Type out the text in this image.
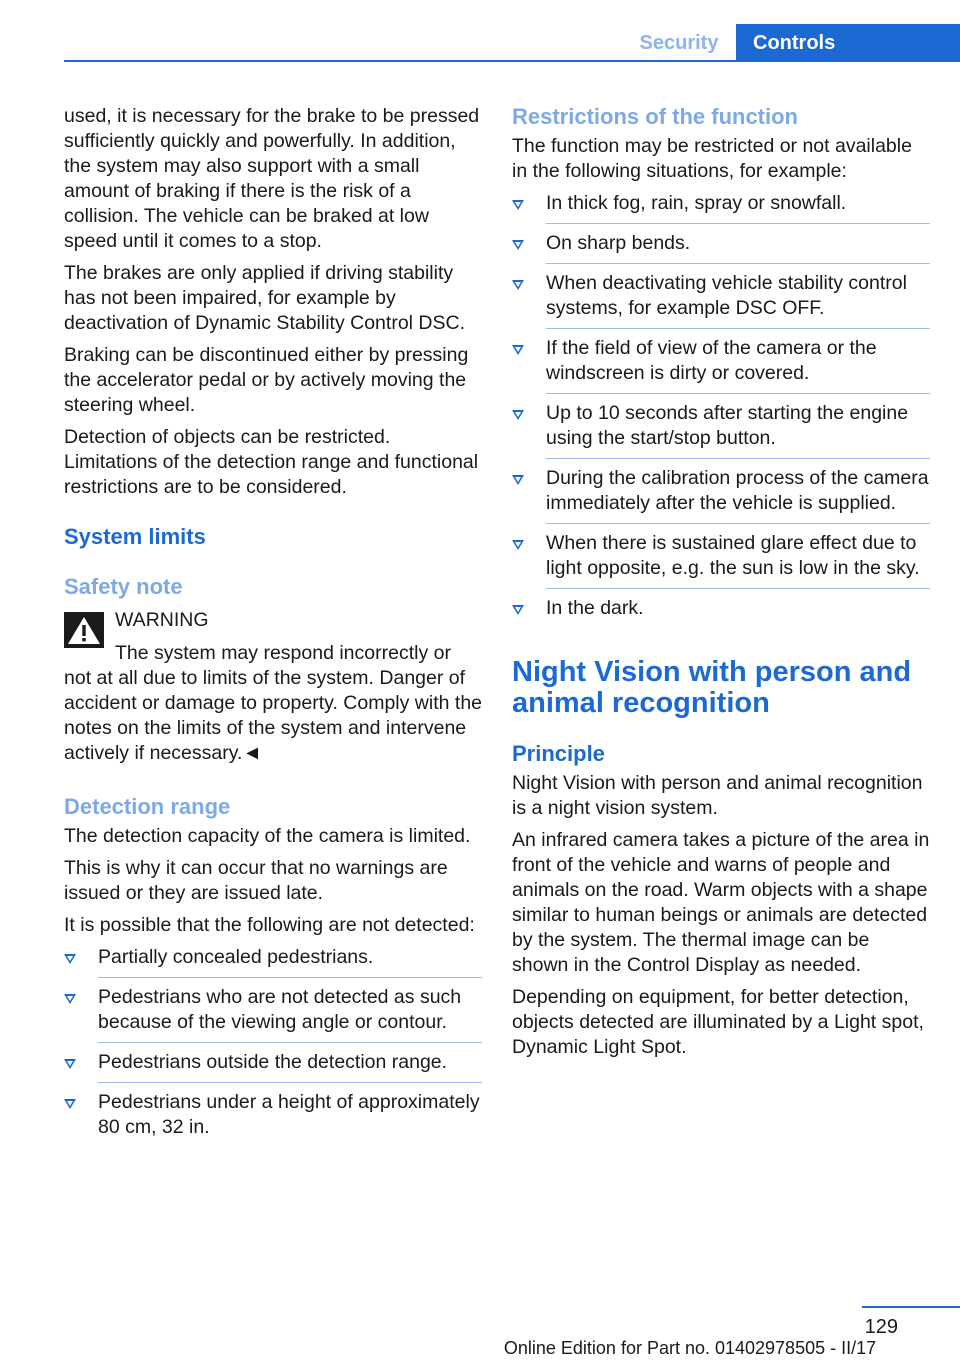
Security	Controls

used, it is necessary for the brake to be pressed sufficiently quickly and powerfully. In addition, the system may also support with a small amount of braking if there is the risk of a collision. The vehicle can be braked at low speed until it comes to a stop.

The brakes are only applied if driving stability has not been impaired, for example by deactivation of Dynamic Stability Control DSC.

Braking can be discontinued either by pressing the accelerator pedal or by actively moving the steering wheel.

Detection of objects can be restricted. Limitations of the detection range and functional restrictions are to be considered.

System limits
Safety note
WARNING

The system may respond incorrectly or not at all due to limits of the system. Danger of accident or damage to property. Comply with the notes on the limits of the system and intervene actively if necessary.◄

Detection range

The detection capacity of the camera is limited.

This is why it can occur that no warnings are issued or they are issued late.

It is possible that the following are not detected:

Partially concealed pedestrians.
Pedestrians who are not detected as such because of the viewing angle or contour.
Pedestrians outside the detection range.
Pedestrians under a height of approximately 80 cm, 32 in.
Restrictions of the function

The function may be restricted or not available in the following situations, for example:

In thick fog, rain, spray or snowfall.
On sharp bends.
When deactivating vehicle stability control systems, for example DSC OFF.
If the field of view of the camera or the windscreen is dirty or covered.
Up to 10 seconds after starting the engine using the start/stop button.
During the calibration process of the camera immediately after the vehicle is supplied.
When there is sustained glare effect due to light opposite, e.g. the sun is low in the sky.
In the dark.
Night Vision with person and animal recognition
Principle

Night Vision with person and animal recognition is a night vision system.

An infrared camera takes a picture of the area in front of the vehicle and warns of people and animals on the road. Warm objects with a shape similar to human beings or animals are detected by the system. The thermal image can be shown in the Control Display as needed.

Depending on equipment, for better detection, objects detected are illuminated by a Light spot, Dynamic Light Spot.

129
Online Edition for Part no. 01402978505 - II/17
